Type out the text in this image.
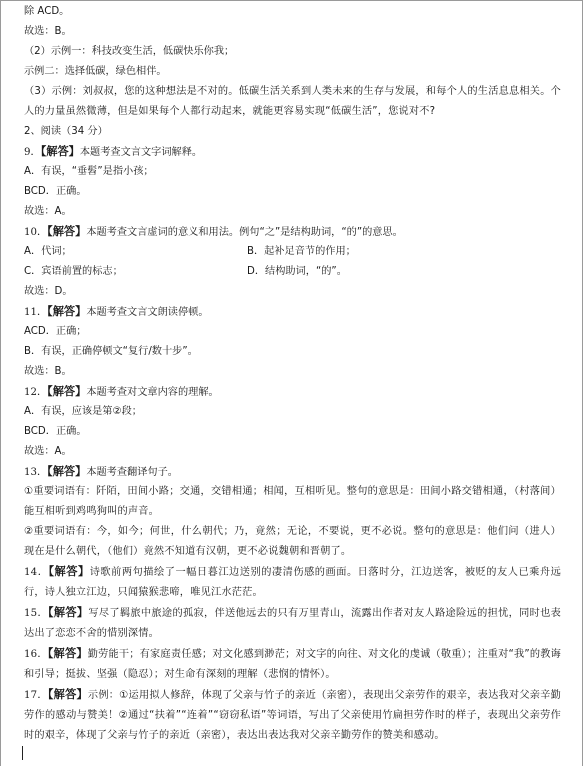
除 ACD。
故选：B。
（2）示例一：科技改变生活，低碳快乐你我；
示例二：选择低碳，绿色相伴。
（3）示例：刘叔叔，您的这种想法是不对的。低碳生活关系到人类未来的生存与发展，和每个人的生活息息相关。个人的力量虽然微薄，但是如果每个人都行动起来，就能更容易实现“低碳生活”，您说对不?
2、阅读（34 分）
9．【解答】本题考查文言文字词解释。
A．有误，“垂髫”是指小孩；
BCD．正确。
故选：A。
10．【解答】本题考查文言虚词的意义和用法。例句“之”是结构助词，“的”的意思。
A．代词；	B．起补足音节的作用；
C．宾语前置的标志；	D．结构助词，“的”。
故选：D。
11．【解答】本题考查文言文朗读停顿。
ACD．正确；
B．有误，正确停顿文“复行/数十步”。
故选：B。
12．【解答】本题考查对文章内容的理解。
A．有误，应该是第②段；
BCD．正确。
故选：A。
13．【解答】本题考查翻译句子。
①重要词语有：阡陌，田间小路；交通，交错相通；相闻，互相听见。整句的意思是：田间小路交错相通，（村落间）能互相听到鸡鸣狗叫的声音。
②重要词语有：今，如今；何世，什么朝代；乃，竟然；无论，不要说，更不必说。整句的意思是：他们问（进人）现在是什么朝代，（他们）竟然不知道有汉朝，更不必说魏朝和晋朝了。
14．【解答】诗歌前两句描绘了一幅日暮江边送别的凄清伤感的画面。日落时分，江边送客，被贬的友人已乘舟远行，诗人独立江边，只闻猿猴悲啼，唯见江水茫茫。
15．【解答】写尽了羁旅中旅途的孤寂，伴送他远去的只有万里青山，流露出作者对友人路途险远的担忧，同时也表达出了恋恋不舍的惜别深情。
16．【解答】勤劳能干；有家庭责任感；对文化感到渺茫；对文字的向往、对文化的虔诚（敬重）；注重对“我”的教诲和引导；挺拔、坚强（隐忍）；对生命有深刻的理解（悲悯的情怀）。
17．【解答】示例：①运用拟人修辞，体现了父亲与竹子的亲近（亲密），表现出父亲劳作的艰辛，表达我对父亲辛勤劳作的感动与赞美！②通过“扶着”“连着”“窃窃私语”等词语，写出了父亲使用竹扁担劳作时的样子，表现出父亲劳作时的艰辛，体现了父亲与竹子的亲近（亲密），表达出表达我对父亲辛勤劳作的赞美和感动。
